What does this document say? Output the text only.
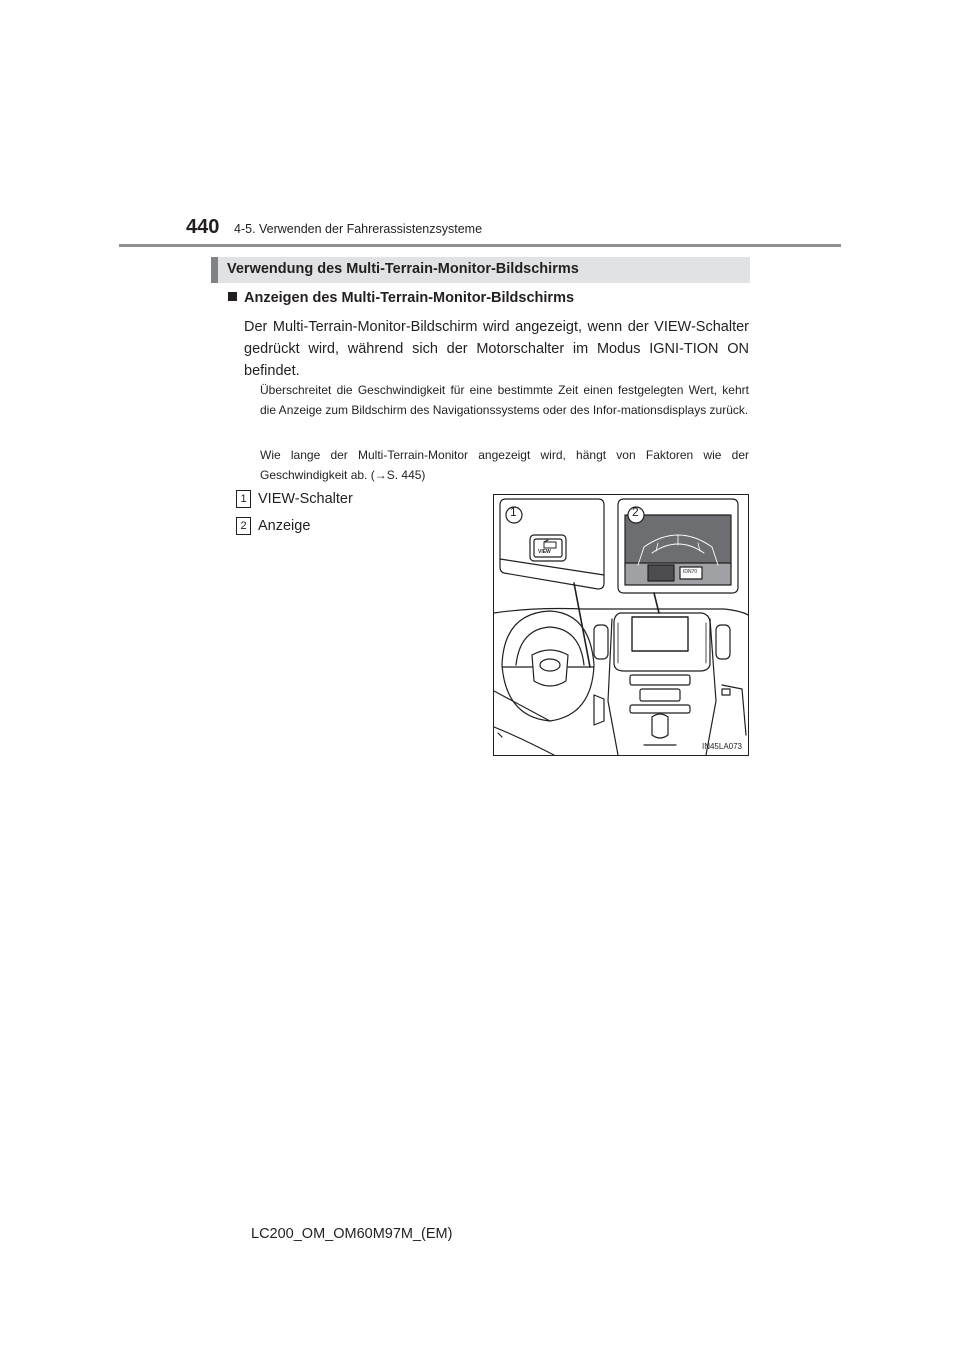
440 4-5. Verwenden der Fahrerassistenzsysteme
Verwendung des Multi-Terrain-Monitor-Bildschirms
Anzeigen des Multi-Terrain-Monitor-Bildschirms
Der Multi-Terrain-Monitor-Bildschirm wird angezeigt, wenn der VIEW-Schalter gedrückt wird, während sich der Motorschalter im Modus IGNI-TION ON befindet.
Überschreitet die Geschwindigkeit für eine bestimmte Zeit einen festgelegten Wert, kehrt die Anzeige zum Bildschirm des Navigationssystems oder des Infor-mationsdisplays zurück.
Wie lange der Multi-Terrain-Monitor angezeigt wird, hängt von Faktoren wie der Geschwindigkeit ab. (→S. 445)
1 VIEW-Schalter
2 Anzeige
1	2
VIEW
IDN70
IN45LA073
LC200_OM_OM60M97M_(EM)
